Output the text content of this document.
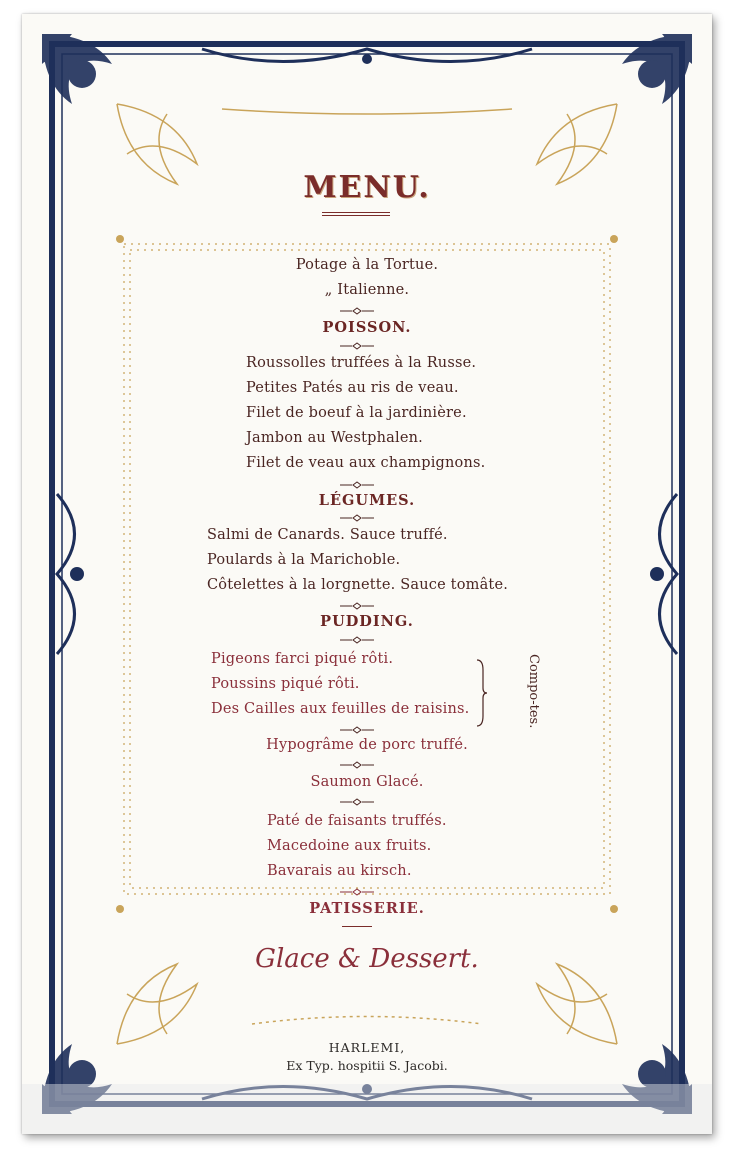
MENU.
Potage à la Tortue.
„ Italienne.
POISSON.
Roussolles truffées à la Russe.
Petites Patés au ris de veau.
Filet de boeuf à la jardinière.
Jambon au Westphalen.
Filet de veau aux champignons.
LÉGUMES.
Salmi de Canards. Sauce truffé.
Poulards à la Marichoble.
Côtelettes à la lorgnette. Sauce tomâte.
PUDDING.
Pigeons farci piqué rôti.
Poussins piqué rôti.
Des Cailles aux feuilles de raisins.	Compo-tes.
Hypogrâme de porc truffé.
Saumon Glacé.
Paté de faisants truffés.
Macedoine aux fruits.
Bavarais au kirsch.
PATISSERIE.
Glace & Dessert.
HARLEMI,
Ex Typ. hospitii S. Jacobi.
